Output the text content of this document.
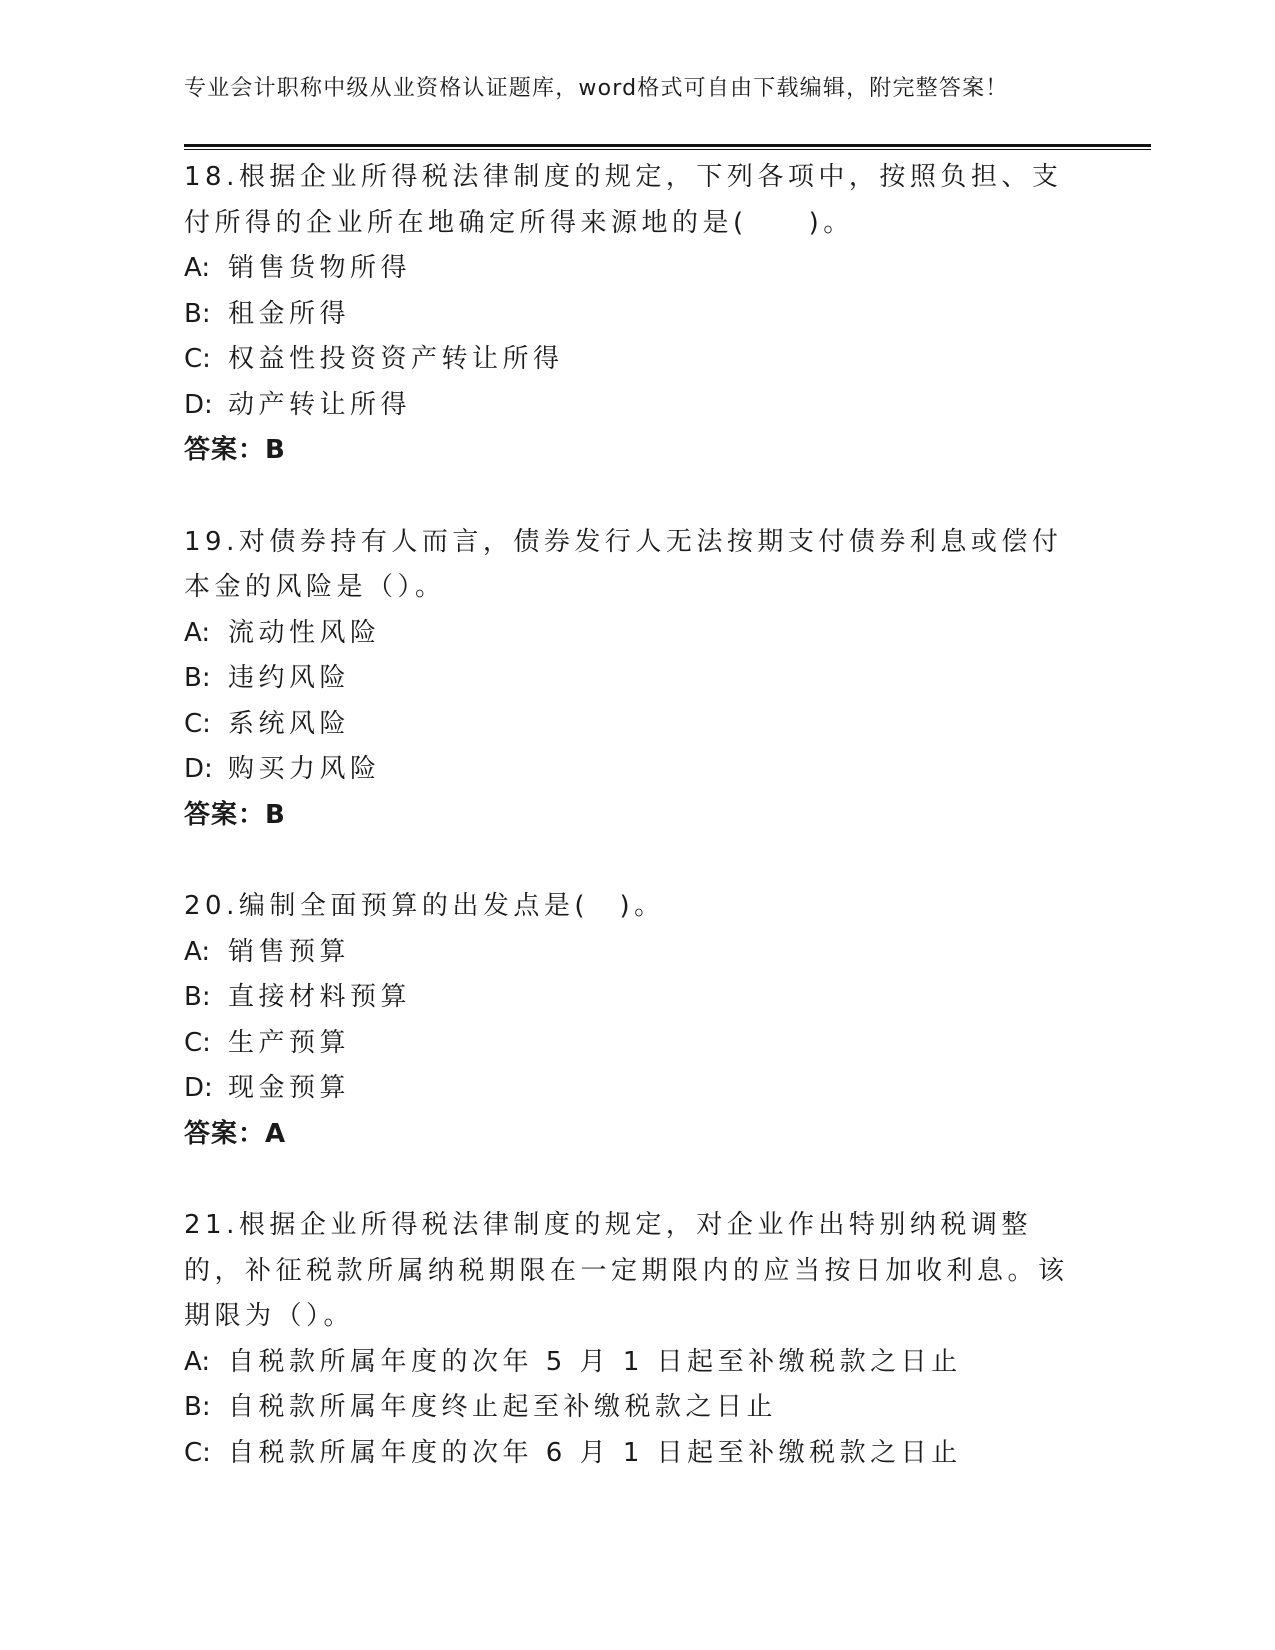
专业会计职称中级从业资格认证题库，word格式可自由下载编辑，附完整答案！

18.根据企业所得税法律制度的规定，下列各项中，按照负担、支付所得的企业所在地确定所得来源地的是(　　)。

A: 销售货物所得
B: 租金所得
C: 权益性投资资产转让所得
D: 动产转让所得
答案：B

19.对债券持有人而言，债券发行人无法按期支付债券利息或偿付本金的风险是（）。

A: 流动性风险
B: 违约风险
C: 系统风险
D: 购买力风险
答案：B

20.编制全面预算的出发点是(　)。

A: 销售预算
B: 直接材料预算
C: 生产预算
D: 现金预算
答案：A

21.根据企业所得税法律制度的规定，对企业作出特别纳税调整的，补征税款所属纳税期限在一定期限内的应当按日加收利息。该期限为（）。

A: 自税款所属年度的次年 5 月 1 日起至补缴税款之日止
B: 自税款所属年度终止起至补缴税款之日止
C: 自税款所属年度的次年 6 月 1 日起至补缴税款之日止
